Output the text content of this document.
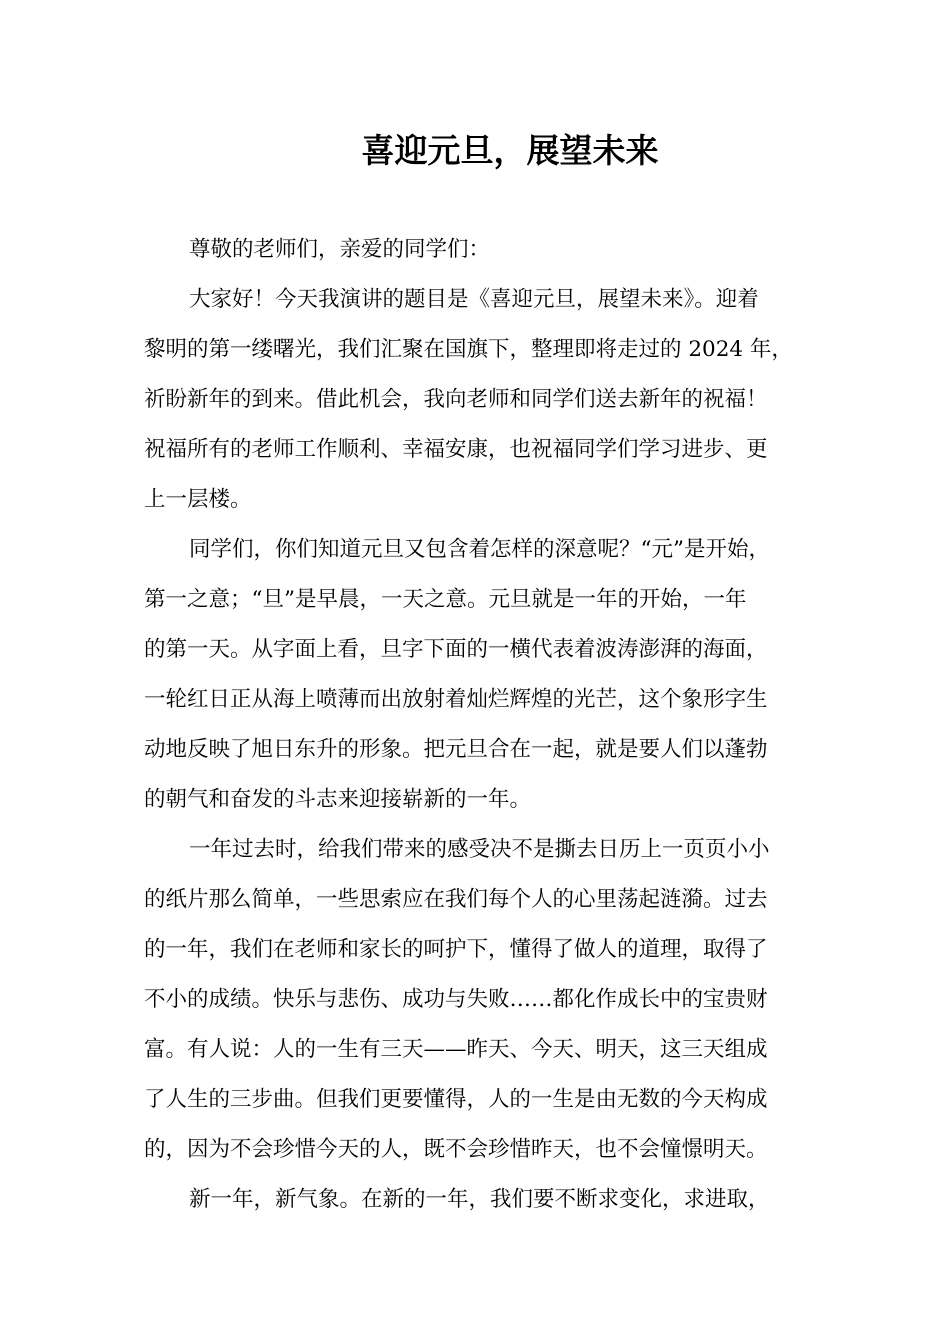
喜迎元旦，展望未来
尊敬的老师们，亲爱的同学们：
大家好！今天我演讲的题目是《喜迎元旦，展望未来》。迎着
黎明的第一缕曙光，我们汇聚在国旗下，整理即将走过的 2024 年，
祈盼新年的到来。借此机会，我向老师和同学们送去新年的祝福！
祝福所有的老师工作顺利、幸福安康，也祝福同学们学习进步、更
上一层楼。
同学们，你们知道元旦又包含着怎样的深意呢？“元”是开始，
第一之意；“旦”是早晨，一天之意。元旦就是一年的开始，一年
的第一天。从字面上看，旦字下面的一横代表着波涛澎湃的海面，
一轮红日正从海上喷薄而出放射着灿烂辉煌的光芒，这个象形字生
动地反映了旭日东升的形象。把元旦合在一起，就是要人们以蓬勃
的朝气和奋发的斗志来迎接崭新的一年。
一年过去时，给我们带来的感受决不是撕去日历上一页页小小
的纸片那么简单，一些思索应在我们每个人的心里荡起涟漪。过去
的一年，我们在老师和家长的呵护下，懂得了做人的道理，取得了
不小的成绩。快乐与悲伤、成功与失败……都化作成长中的宝贵财
富。有人说：人的一生有三天——昨天、今天、明天，这三天组成
了人生的三步曲。但我们更要懂得，人的一生是由无数的今天构成
的，因为不会珍惜今天的人，既不会珍惜昨天，也不会憧憬明天。
新一年，新气象。在新的一年，我们要不断求变化，求进取，
